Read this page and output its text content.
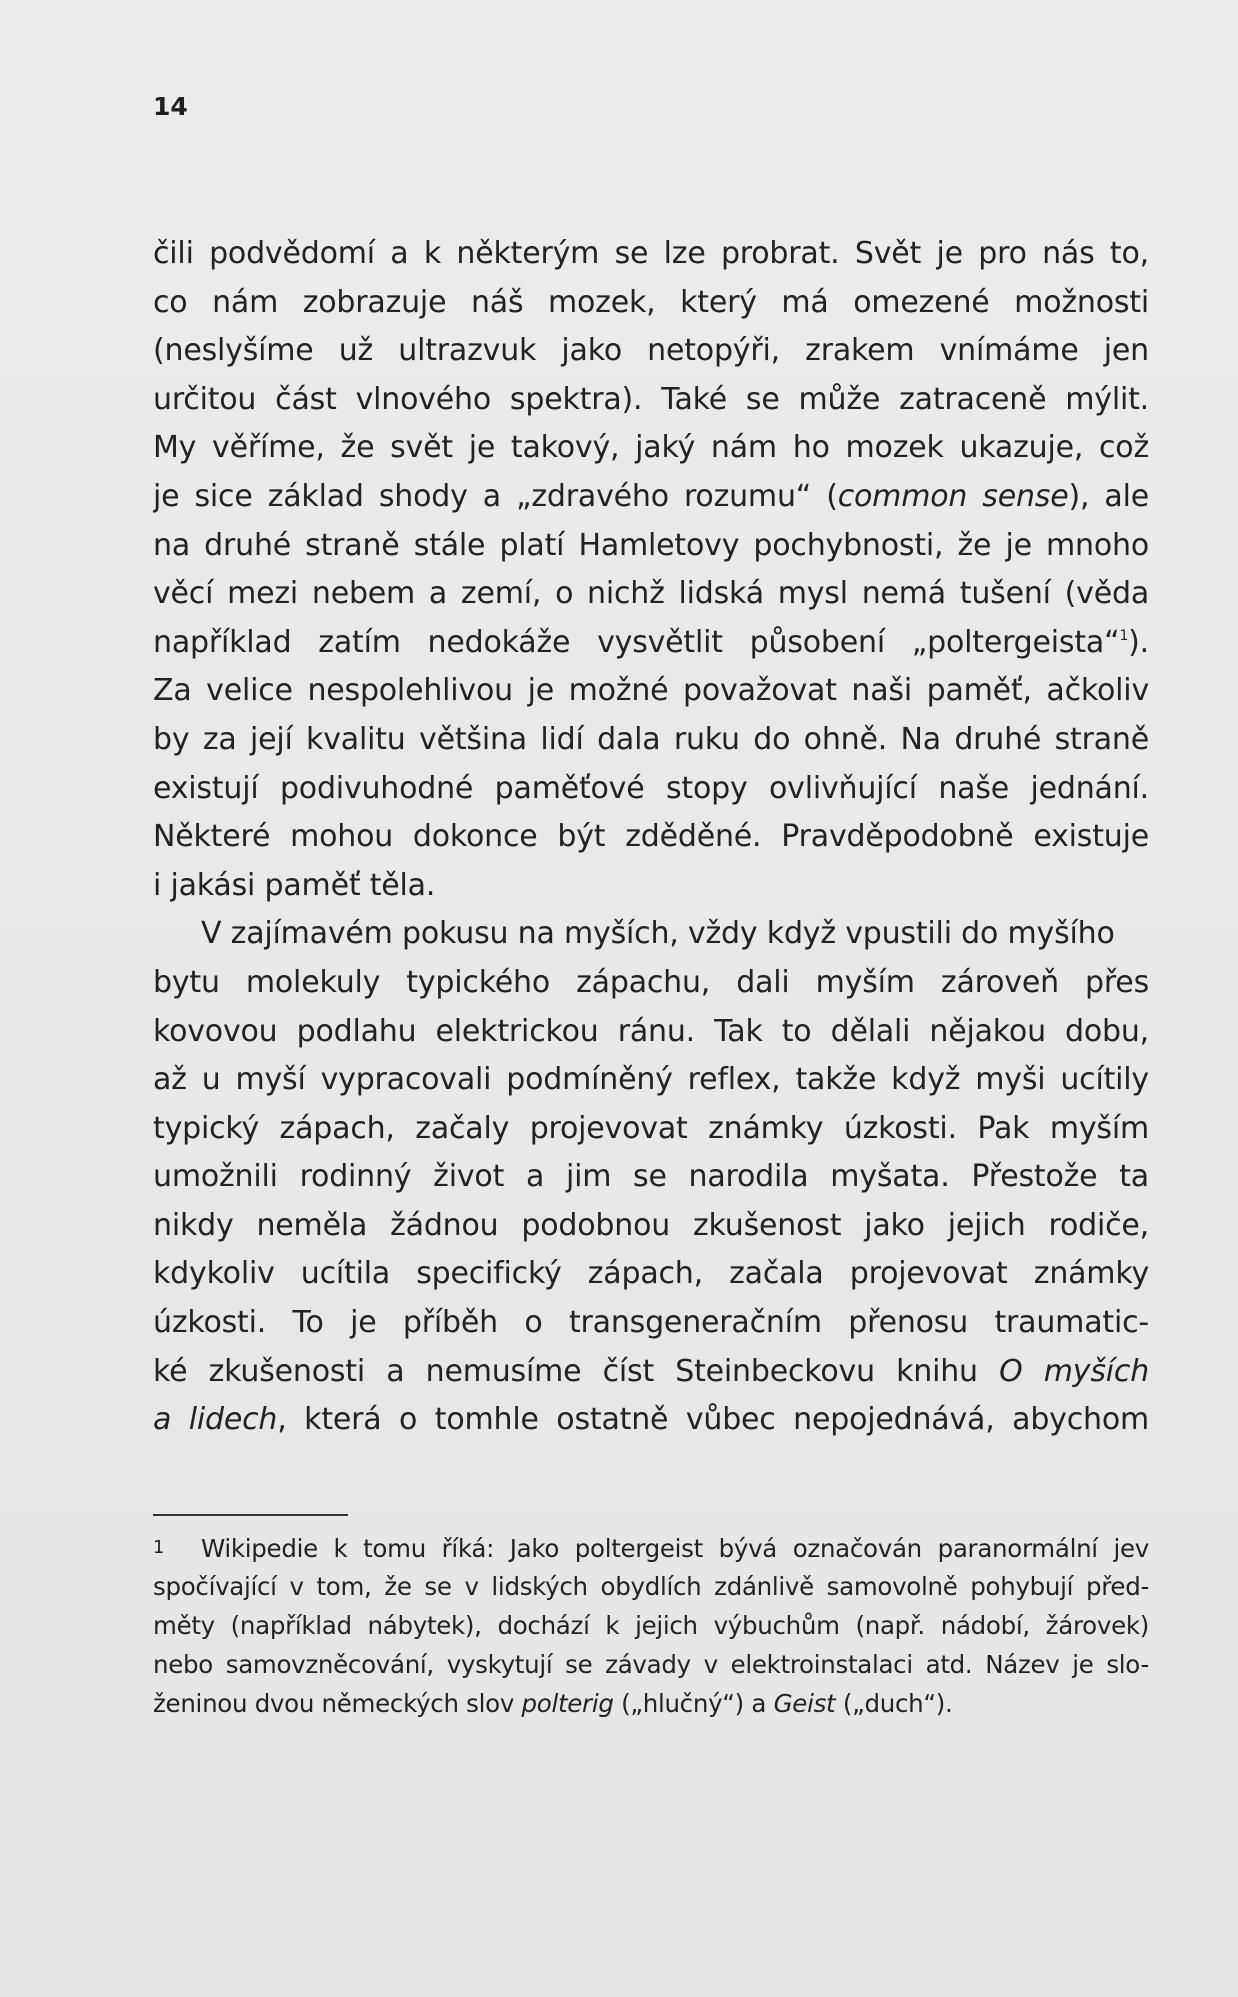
14
čili podvědomí a k některým se lze probrat. Svět je pro nás to,
co nám zobrazuje náš mozek, který má omezené možnosti
(neslyšíme už ultrazvuk jako netopýři, zrakem vnímáme jen
určitou část vlnového spektra). Také se může zatraceně mýlit.
My věříme, že svět je takový, jaký nám ho mozek ukazuje, což
je sice základ shody a „zdravého rozumu“ (common sense), ale
na druhé straně stále platí Hamletovy pochybnosti, že je mnoho
věcí mezi nebem a zemí, o nichž lidská mysl nemá tušení (věda
například zatím nedokáže vysvětlit působení „poltergeista“$^1$).
Za velice nespolehlivou je možné považovat naši paměť, ačkoliv
by za její kvalitu většina lidí dala ruku do ohně. Na druhé straně
existují podivuhodné paměťové stopy ovlivňující naše jednání.
Některé mohou dokonce být zděděné. Pravděpodobně existuje
i jakási paměť těla.
V zajímavém pokusu na myších, vždy když vpustili do myšího
bytu molekuly typického zápachu, dali myším zároveň přes
kovovou podlahu elektrickou ránu. Tak to dělali nějakou dobu,
až u myší vypracovali podmíněný reflex, takže když myši ucítily
typický zápach, začaly projevovat známky úzkosti. Pak myším
umožnili rodinný život a jim se narodila myšata. Přestože ta
nikdy neměla žádnou podobnou zkušenost jako jejich rodiče,
kdykoliv ucítila specifický zápach, začala projevovat známky
úzkosti. To je příběh o transgeneračním přenosu traumatic-
ké zkušenosti a nemusíme číst Steinbeckovu knihu O myších
a lidech, která o tomhle ostatně vůbec nepojednává, abychom
1 Wikipedie k tomu říká: Jako poltergeist bývá označován paranormální jev
spočívající v tom, že se v lidských obydlích zdánlivě samovolně pohybují před-
měty (například nábytek), dochází k jejich výbuchům (např. nádobí, žárovek)
nebo samovzněcování, vyskytují se závady v elektroinstalaci atd. Název je slo-
ženinou dvou německých slov polterig („hlučný“) a Geist („duch“).
